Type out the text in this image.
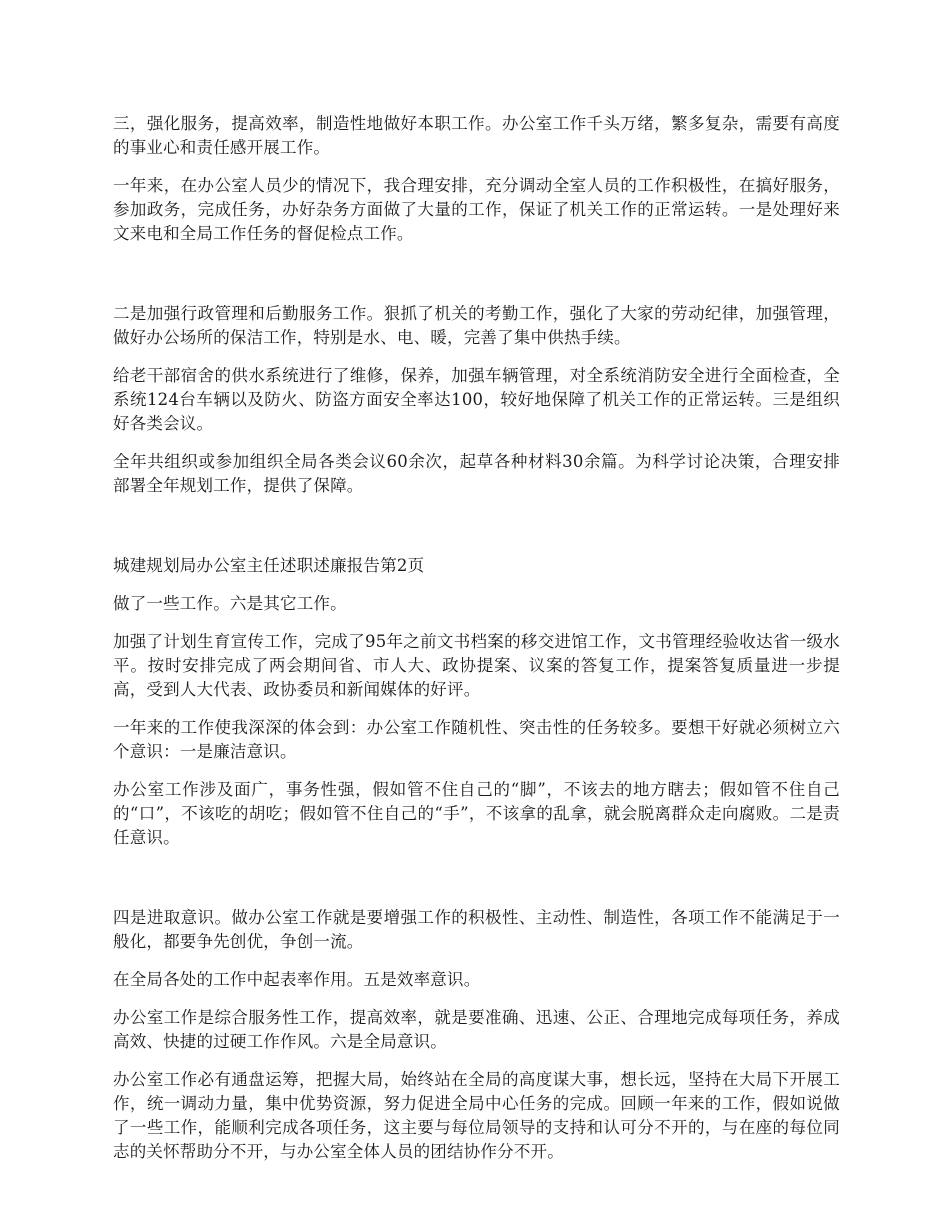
三，强化服务，提高效率，制造性地做好本职工作。办公室工作千头万绪，繁多复杂，需要有高度的事业心和责任感开展工作。

一年来，在办公室人员少的情况下，我合理安排，充分调动全室人员的工作积极性，在搞好服务，参加政务，完成任务，办好杂务方面做了大量的工作，保证了机关工作的正常运转。一是处理好来文来电和全局工作任务的督促检点工作。

二是加强行政管理和后勤服务工作。狠抓了机关的考勤工作，强化了大家的劳动纪律，加强管理，做好办公场所的保洁工作，特别是水、电、暖，完善了集中供热手续。

给老干部宿舍的供水系统进行了维修，保养，加强车辆管理，对全系统消防安全进行全面检查，全系统124台车辆以及防火、防盗方面安全率达100，较好地保障了机关工作的正常运转。三是组织好各类会议。

全年共组织或参加组织全局各类会议60余次，起草各种材料30余篇。为科学讨论决策，合理安排部署全年规划工作，提供了保障。

城建规划局办公室主任述职述廉报告第2页

做了一些工作。六是其它工作。

加强了计划生育宣传工作，完成了95年之前文书档案的移交进馆工作，文书管理经验收达省一级水平。按时安排完成了两会期间省、市人大、政协提案、议案的答复工作，提案答复质量进一步提高，受到人大代表、政协委员和新闻媒体的好评。

一年来的工作使我深深的体会到：办公室工作随机性、突击性的任务较多。要想干好就必须树立六个意识：一是廉洁意识。

办公室工作涉及面广，事务性强，假如管不住自己的“脚”，不该去的地方瞎去；假如管不住自己的“口”，不该吃的胡吃；假如管不住自己的“手”，不该拿的乱拿，就会脱离群众走向腐败。二是责任意识。

四是进取意识。做办公室工作就是要增强工作的积极性、主动性、制造性，各项工作不能满足于一般化，都要争先创优，争创一流。

在全局各处的工作中起表率作用。五是效率意识。

办公室工作是综合服务性工作，提高效率，就是要准确、迅速、公正、合理地完成每项任务，养成高效、快捷的过硬工作作风。六是全局意识。

办公室工作必有通盘运筹，把握大局，始终站在全局的高度谋大事，想长远，坚持在大局下开展工作，统一调动力量，集中优势资源，努力促进全局中心任务的完成。回顾一年来的工作，假如说做了一些工作，能顺利完成各项任务，这主要与每位局领导的支持和认可分不开的，与在座的每位同志的关怀帮助分不开，与办公室全体人员的团结协作分不开。
